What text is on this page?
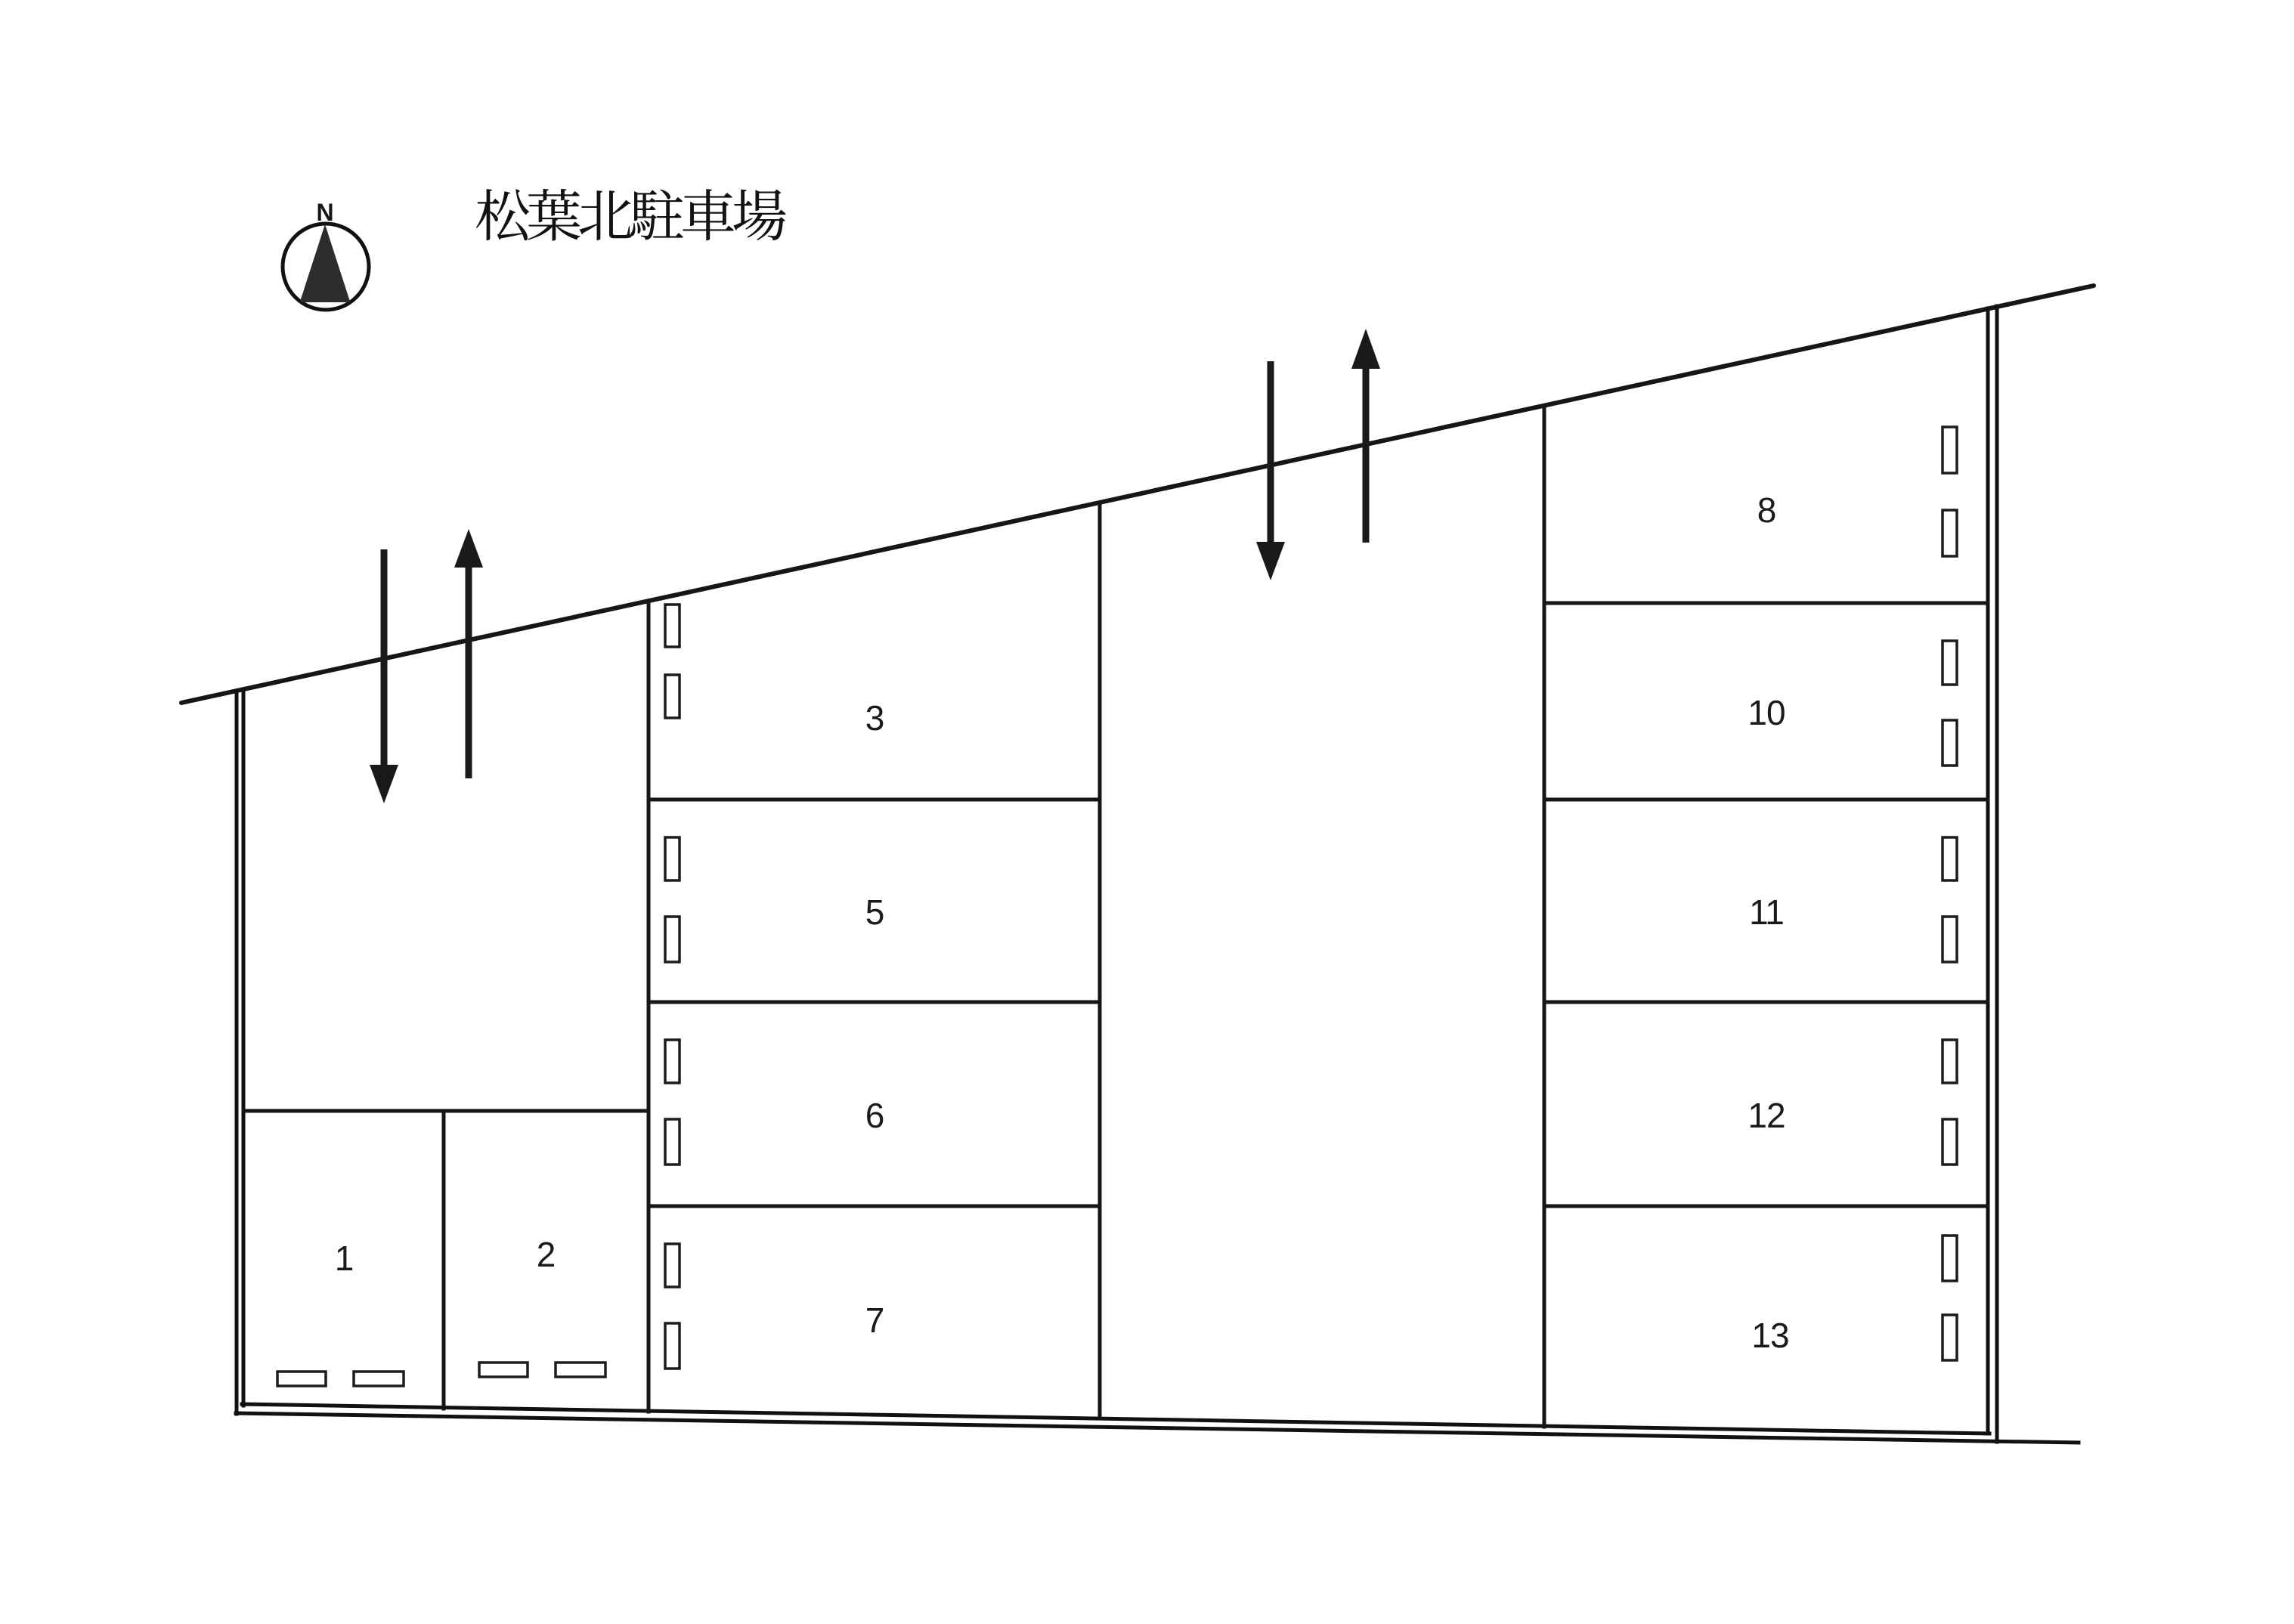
N	松葉北駐車場
1	2
3
5
6
7
8
10
11
12
13
